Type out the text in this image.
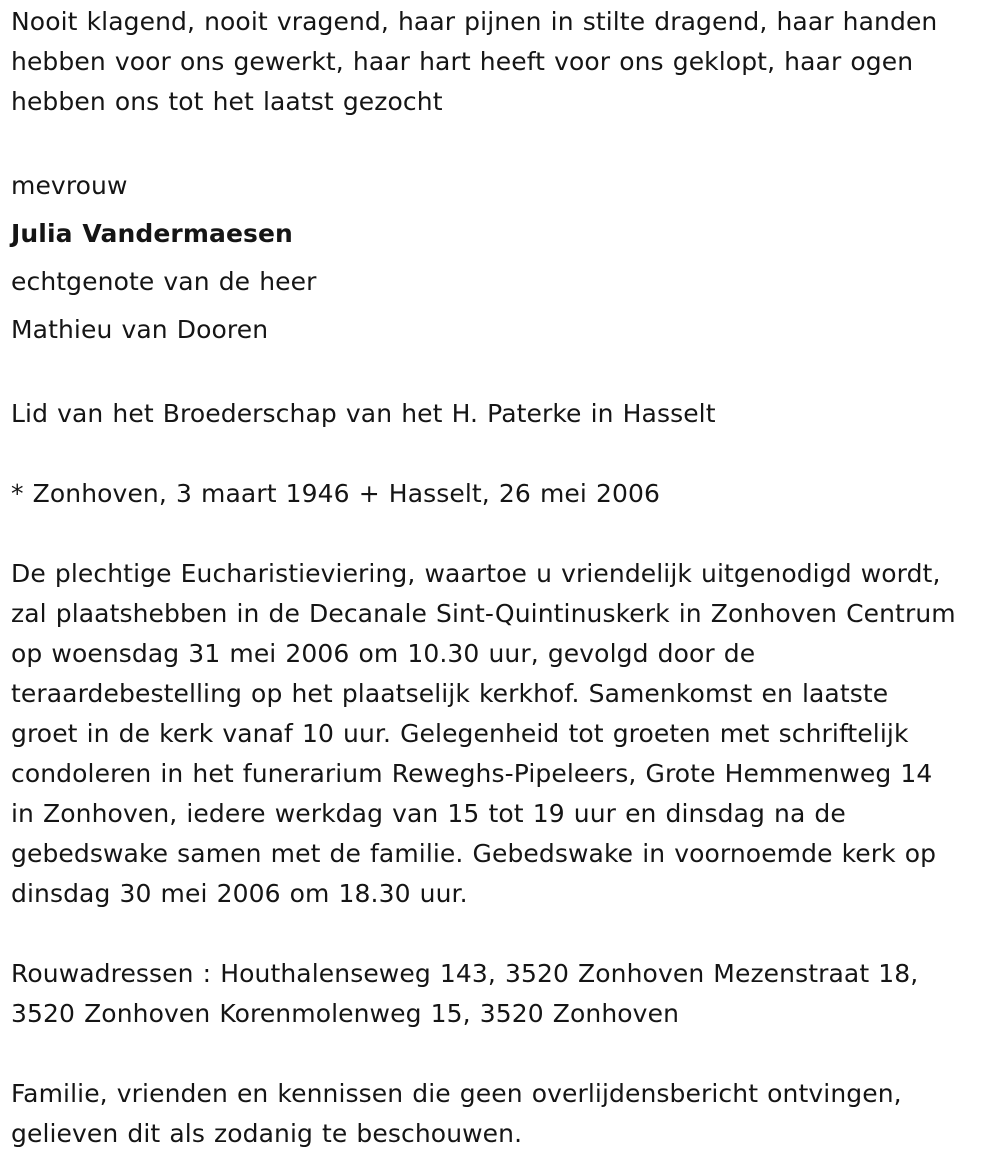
Nooit klagend, nooit vragend, haar pijnen in stilte dragend, haar handen

hebben voor ons gewerkt, haar hart heeft voor ons geklopt, haar ogen

hebben ons tot het laatst gezocht

mevrouw

Julia Vandermaesen

echtgenote van de heer

Mathieu van Dooren

Lid van het Broederschap van het H. Paterke in Hasselt

* Zonhoven, 3 maart 1946 + Hasselt, 26 mei 2006

De plechtige Eucharistieviering, waartoe u vriendelijk uitgenodigd wordt,

zal plaatshebben in de Decanale Sint-Quintinuskerk in Zonhoven Centrum

op woensdag 31 mei 2006 om 10.30 uur, gevolgd door de

teraardebestelling op het plaatselijk kerkhof. Samenkomst en laatste

groet in de kerk vanaf 10 uur. Gelegenheid tot groeten met schriftelijk

condoleren in het funerarium Reweghs-Pipeleers, Grote Hemmenweg 14

in Zonhoven, iedere werkdag van 15 tot 19 uur en dinsdag na de

gebedswake samen met de familie. Gebedswake in voornoemde kerk op

dinsdag 30 mei 2006 om 18.30 uur.

Rouwadressen : Houthalenseweg 143, 3520 Zonhoven Mezenstraat 18,

3520 Zonhoven Korenmolenweg 15, 3520 Zonhoven

Familie, vrienden en kennissen die geen overlijdensbericht ontvingen,

gelieven dit als zodanig te beschouwen.
